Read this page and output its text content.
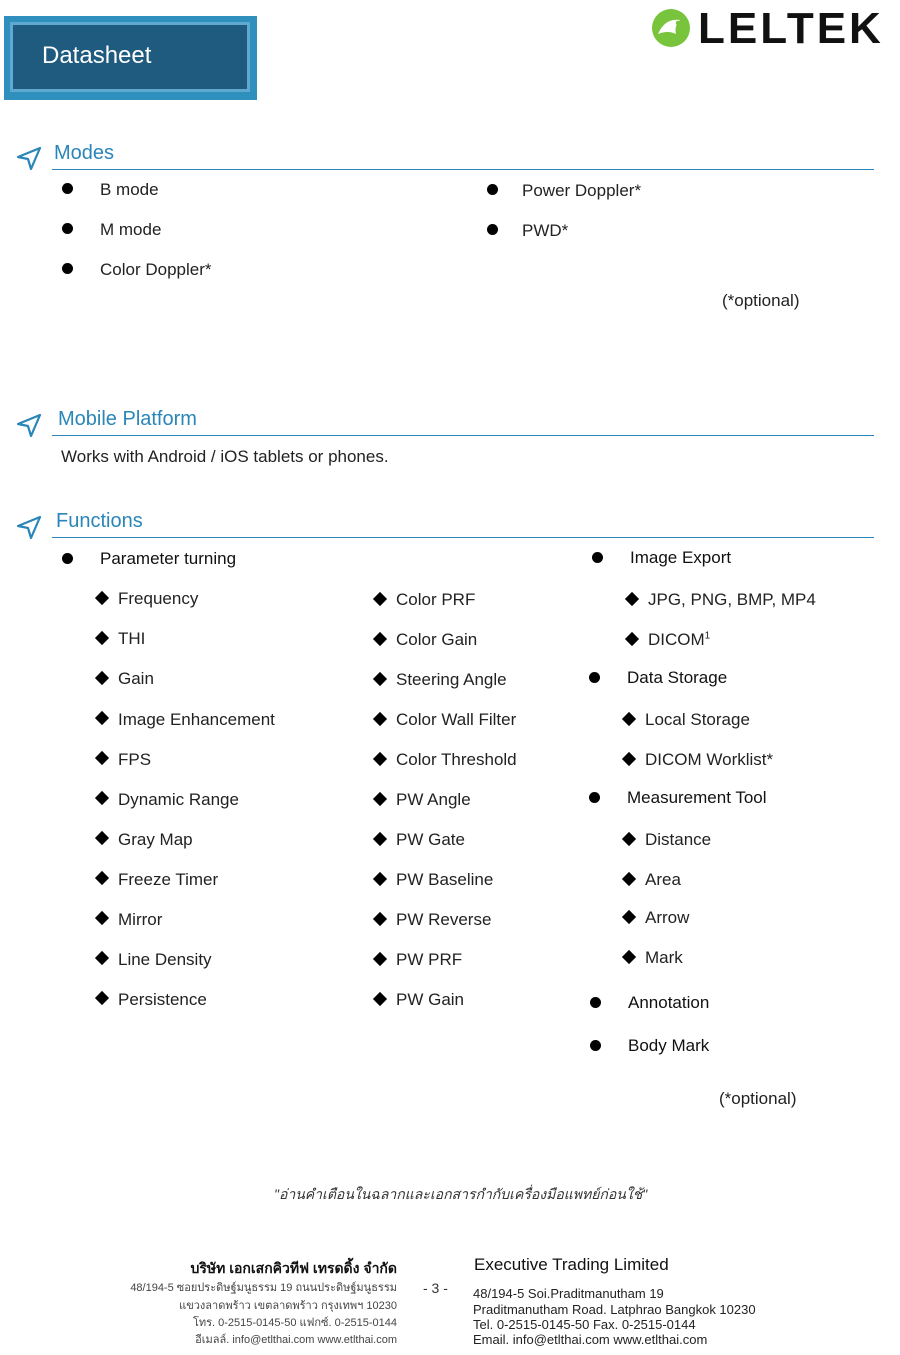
Datasheet
LELTEK
Modes
B mode
M mode
Color Doppler*
Power Doppler*
PWD*
(*optional)
Mobile Platform
Works with Android / iOS tablets or phones.
Functions
Parameter turning
Frequency
THI
Gain
Image Enhancement
FPS
Dynamic Range
Gray Map
Freeze Timer
Mirror
Line Density
Persistence
Color PRF
Color Gain
Steering Angle
Color Wall Filter
Color Threshold
PW Angle
PW Gate
PW Baseline
PW Reverse
PW PRF
PW Gain
Image Export
JPG, PNG, BMP, MP4
DICOM$^1$
Data Storage
Local Storage
DICOM Worklist*
Measurement Tool
Distance
Area
Arrow
Mark
Annotation
Body Mark
(*optional)
"อ่านคำเตือนในฉลากและเอกสารกำกับเครื่องมือแพทย์ก่อนใช้"
บริษัท เอกเสกคิวทีฟ เทรดดิ้ง จำกัด
48/194-5 ซอยประดิษฐ์มนูธรรม 19 ถนนประดิษฐ์มนูธรรม
แขวงลาดพร้าว เขตลาดพร้าว กรุงเทพฯ 10230
โทร. 0-2515-0145-50 แฟกซ์. 0-2515-0144
อีเมลล์. info@etlthai.com www.etlthai.com
- 3 -
Executive Trading Limited
48/194-5 Soi.Praditmanutham 19
Praditmanutham Road. Latphrao Bangkok 10230
Tel. 0-2515-0145-50 Fax. 0-2515-0144
Email. info@etlthai.com www.etlthai.com
